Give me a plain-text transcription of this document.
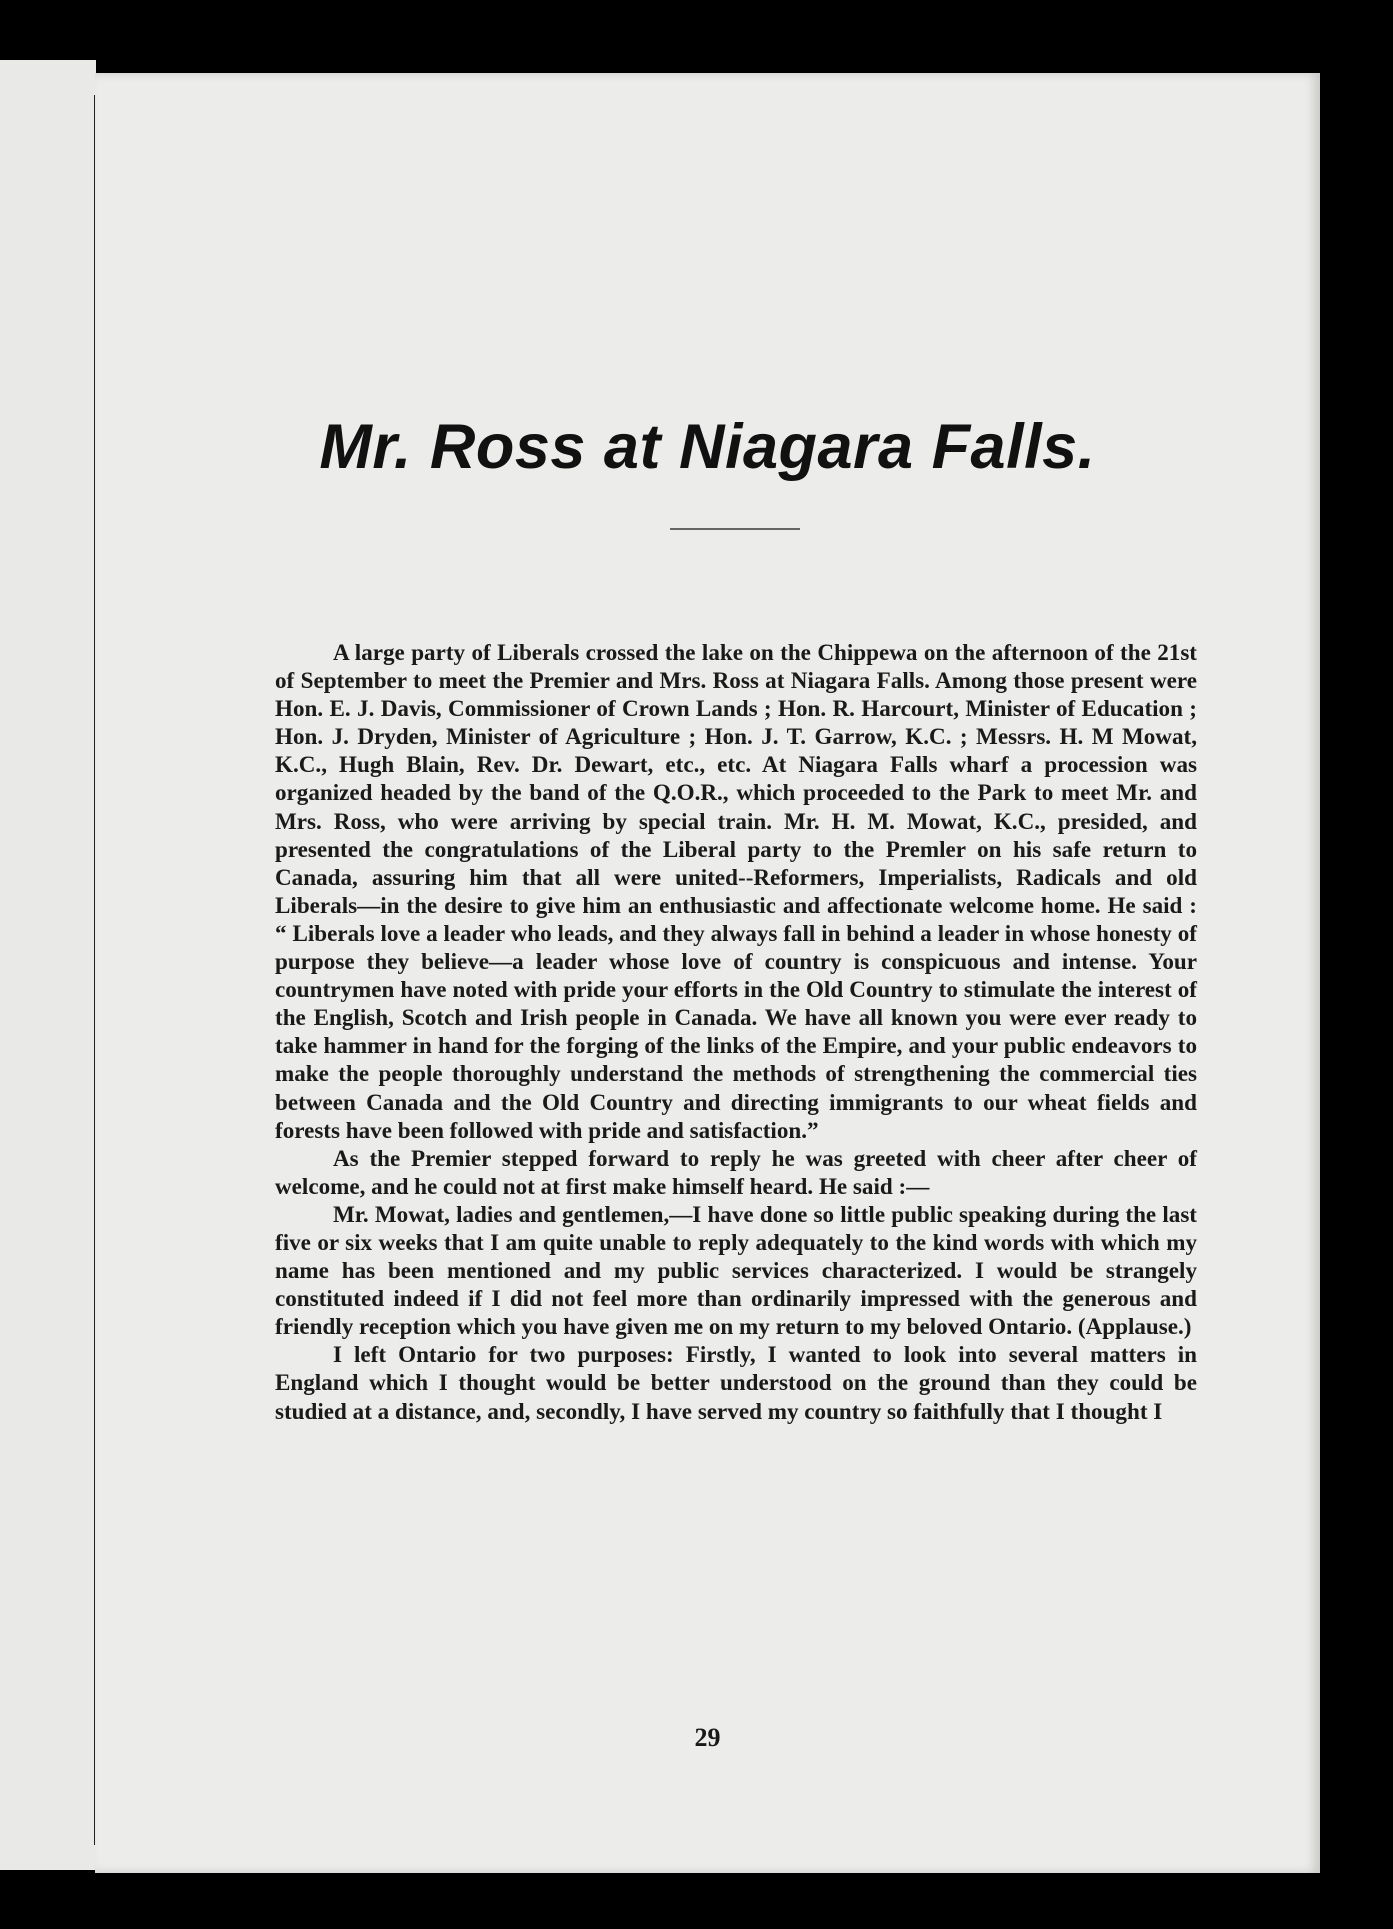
Mr. Ross at Niagara Falls.

A large party of Liberals crossed the lake on the Chippewa on the afternoon of the 21st of September to meet the Premier and Mrs. Ross at Niagara Falls. Among those present were Hon. E. J. Davis, Commissioner of Crown Lands ; Hon. R. Harcourt, Minister of Education ; Hon. J. Dryden, Minister of Agriculture ; Hon. J. T. Garrow, K.C. ; Messrs. H. M Mowat, K.C., Hugh Blain, Rev. Dr. Dewart, etc., etc. At Niagara Falls wharf a procession was organized headed by the band of the Q.O.R., which proceeded to the Park to meet Mr. and Mrs. Ross, who were arriving by special train. Mr. H. M. Mowat, K.C., presided, and presented the congratulations of the Liberal party to the Premler on his safe return to Canada, assuring him that all were united--Reformers, Imperialists, Radicals and old Liberals—in the desire to give him an enthusiastic and affectionate welcome home. He said : “ Liberals love a leader who leads, and they always fall in behind a leader in whose honesty of purpose they believe—a leader whose love of country is conspicuous and intense. Your countrymen have noted with pride your efforts in the Old Country to stimulate the interest of the English, Scotch and Irish people in Canada. We have all known you were ever ready to take hammer in hand for the forging of the links of the Empire, and your public endeavors to make the people thoroughly understand the methods of strengthening the commercial ties between Canada and the Old Country and directing immigrants to our wheat fields and forests have been followed with pride and satisfaction.”

As the Premier stepped forward to reply he was greeted with cheer after cheer of welcome, and he could not at first make himself heard. He said :—

Mr. Mowat, ladies and gentlemen,—I have done so little public speaking during the last five or six weeks that I am quite unable to reply adequately to the kind words with which my name has been mentioned and my public services characterized. I would be strangely constituted indeed if I did not feel more than ordinarily impressed with the generous and friendly reception which you have given me on my return to my beloved Ontario. (Applause.)

I left Ontario for two purposes: Firstly, I wanted to look into several matters in England which I thought would be better understood on the ground than they could be studied at a distance, and, secondly, I have served my country so faithfully that I thought I

29
